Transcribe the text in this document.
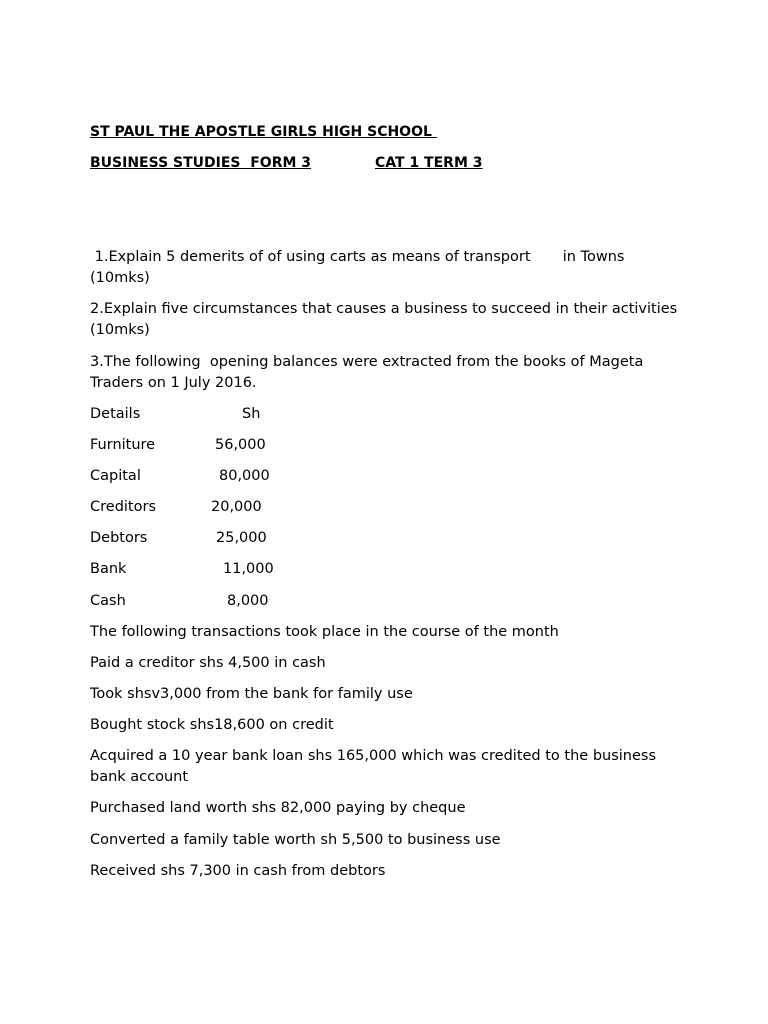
ST PAUL THE APOSTLE GIRLS HIGH SCHOOL
BUSINESS STUDIES  FORM 3	CAT 1 TERM 3
1.Explain 5 demerits of of using carts as means of transport       in Towns (10mks)
2.Explain five circumstances that causes a business to succeed in their activities (10mks)
3.The following  opening balances were extracted from the books of Mageta Traders on 1 July 2016.
Details	Sh
Furniture	56,000
Capital	80,000
Creditors	20,000
Debtors	25,000
Bank	11,000
Cash	8,000
The following transactions took place in the course of the month
Paid a creditor shs 4,500 in cash
Took shsv3,000 from the bank for family use
Bought stock shs18,600 on credit
Acquired a 10 year bank loan shs 165,000 which was credited to the business bank account
Purchased land worth shs 82,000 paying by cheque
Converted a family table worth sh 5,500 to business use
Received shs 7,300 in cash from debtors
